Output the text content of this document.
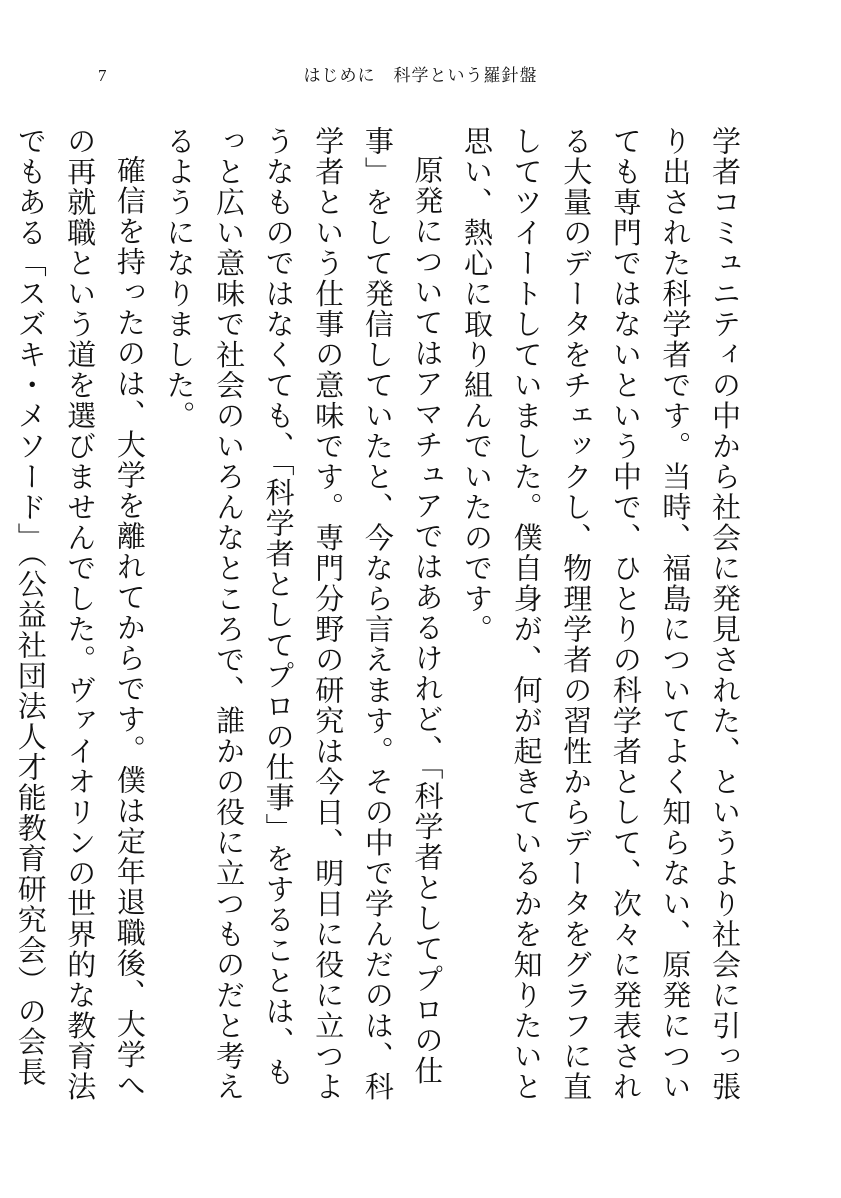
7	はじめに　科学という羅針盤

学者コミュニティの中から社会に発見された、というより社会に引っ張り出された科学者です。当時、福島についてよく知らない、原発についても専門ではないという中で、ひとりの科学者として、次々に発表される大量のデータをチェックし、物理学者の習性からデータをグラフに直してツイートしていました。僕自身が、何が起きているかを知りたいと思い、熱心に取り組んでいたのです。

原発についてはアマチュアではあるけれど、「科学者としてプロの仕事」をして発信していたと、今なら言えます。その中で学んだのは、科学者という仕事の意味です。専門分野の研究は今日、明日に役に立つようなものではなくても、「科学者としてプロの仕事」をすることは、もっと広い意味で社会のいろんなところで、誰かの役に立つものだと考えるようになりました。

確信を持ったのは、大学を離れてからです。僕は定年退職後、大学への再就職という道を選びませんでした。ヴァイオリンの世界的な教育法でもある「スズキ・メソード」（公益社団法人才能教育研究会）の会長
